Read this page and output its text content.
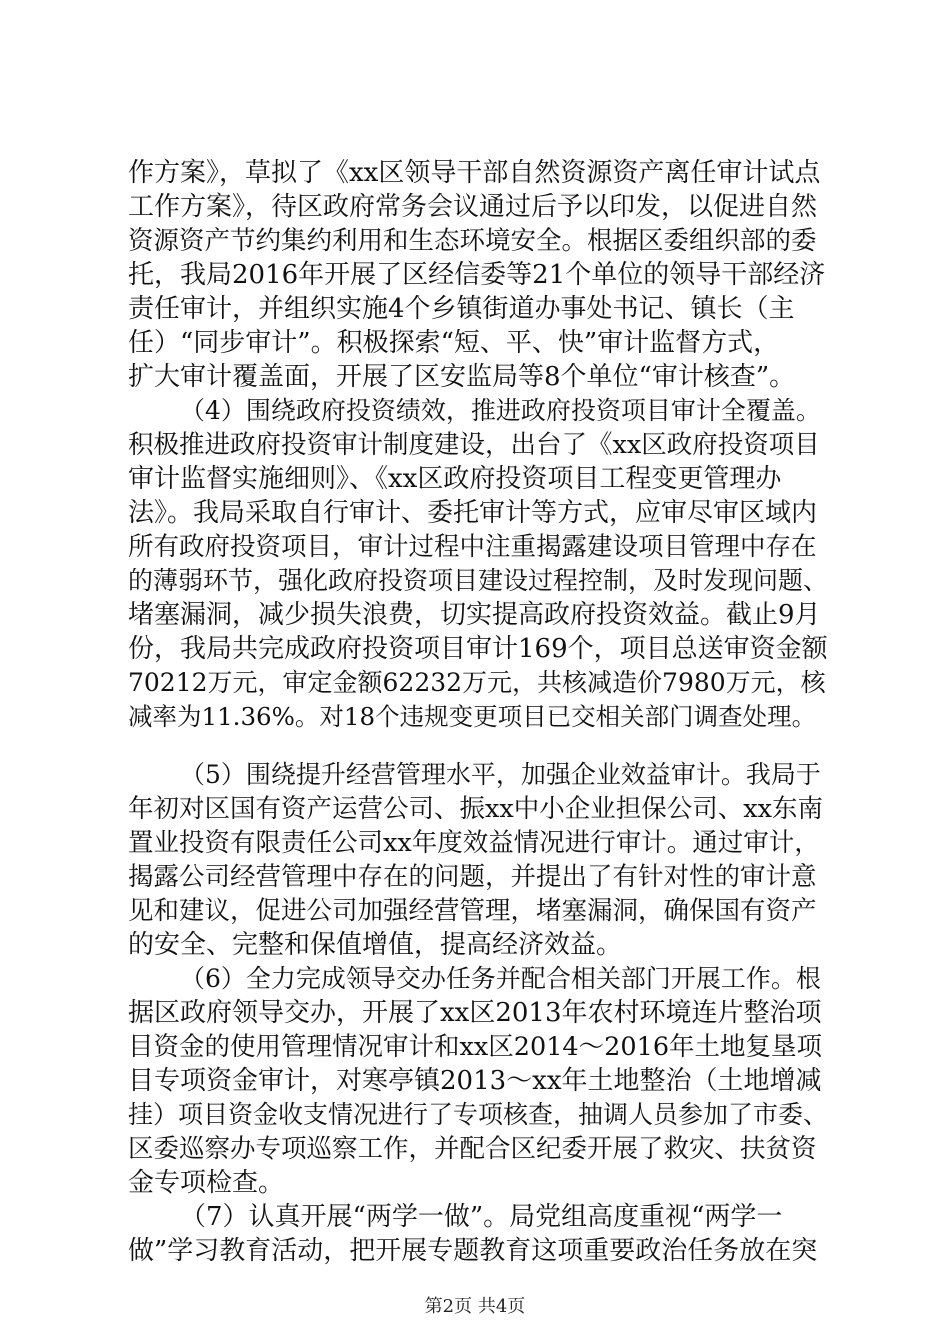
作方案》，草拟了《xx区领导干部自然资源资产离任审计试点
工作方案》，待区政府常务会议通过后予以印发，以促进自然
资源资产节约集约利用和生态环境安全。根据区委组织部的委
托，我局2016年开展了区经信委等21个单位的领导干部经济
责任审计，并组织实施4个乡镇街道办事处书记、镇长（主
任）“同步审计”。积极探索“短、平、快”审计监督方式，
扩大审计覆盖面，开展了区安监局等8个单位“审计核查”。
（4）围绕政府投资绩效，推进政府投资项目审计全覆盖。
积极推进政府投资审计制度建设，出台了《xx区政府投资项目
审计监督实施细则》、《xx区政府投资项目工程变更管理办
法》。我局采取自行审计、委托审计等方式，应审尽审区域内
所有政府投资项目，审计过程中注重揭露建设项目管理中存在
的薄弱环节，强化政府投资项目建设过程控制，及时发现问题、
堵塞漏洞，减少损失浪费，切实提高政府投资效益。截止9月
份，我局共完成政府投资项目审计169个，项目总送审资金额
70212万元，审定金额62232万元，共核减造价7980万元，核
减率为11.36%。对18个违规变更项目已交相关部门调查处理。
（5）围绕提升经营管理水平，加强企业效益审计。我局于
年初对区国有资产运营公司、振xx中小企业担保公司、xx东南
置业投资有限责任公司xx年度效益情况进行审计。通过审计，
揭露公司经营管理中存在的问题，并提出了有针对性的审计意
见和建议，促进公司加强经营管理，堵塞漏洞，确保国有资产
的安全、完整和保值增值，提高经济效益。
（6）全力完成领导交办任务并配合相关部门开展工作。根
据区政府领导交办，开展了xx区2013年农村环境连片整治项
目资金的使用管理情况审计和xx区2014～2016年土地复垦项
目专项资金审计，对寒亭镇2013～xx年土地整治（土地增减
挂）项目资金收支情况进行了专项核查，抽调人员参加了市委、
区委巡察办专项巡察工作，并配合区纪委开展了救灾、扶贫资
金专项检查。
（7）认真开展“两学一做”。局党组高度重视“两学一
做”学习教育活动，把开展专题教育这项重要政治任务放在突
第2页 共4页
